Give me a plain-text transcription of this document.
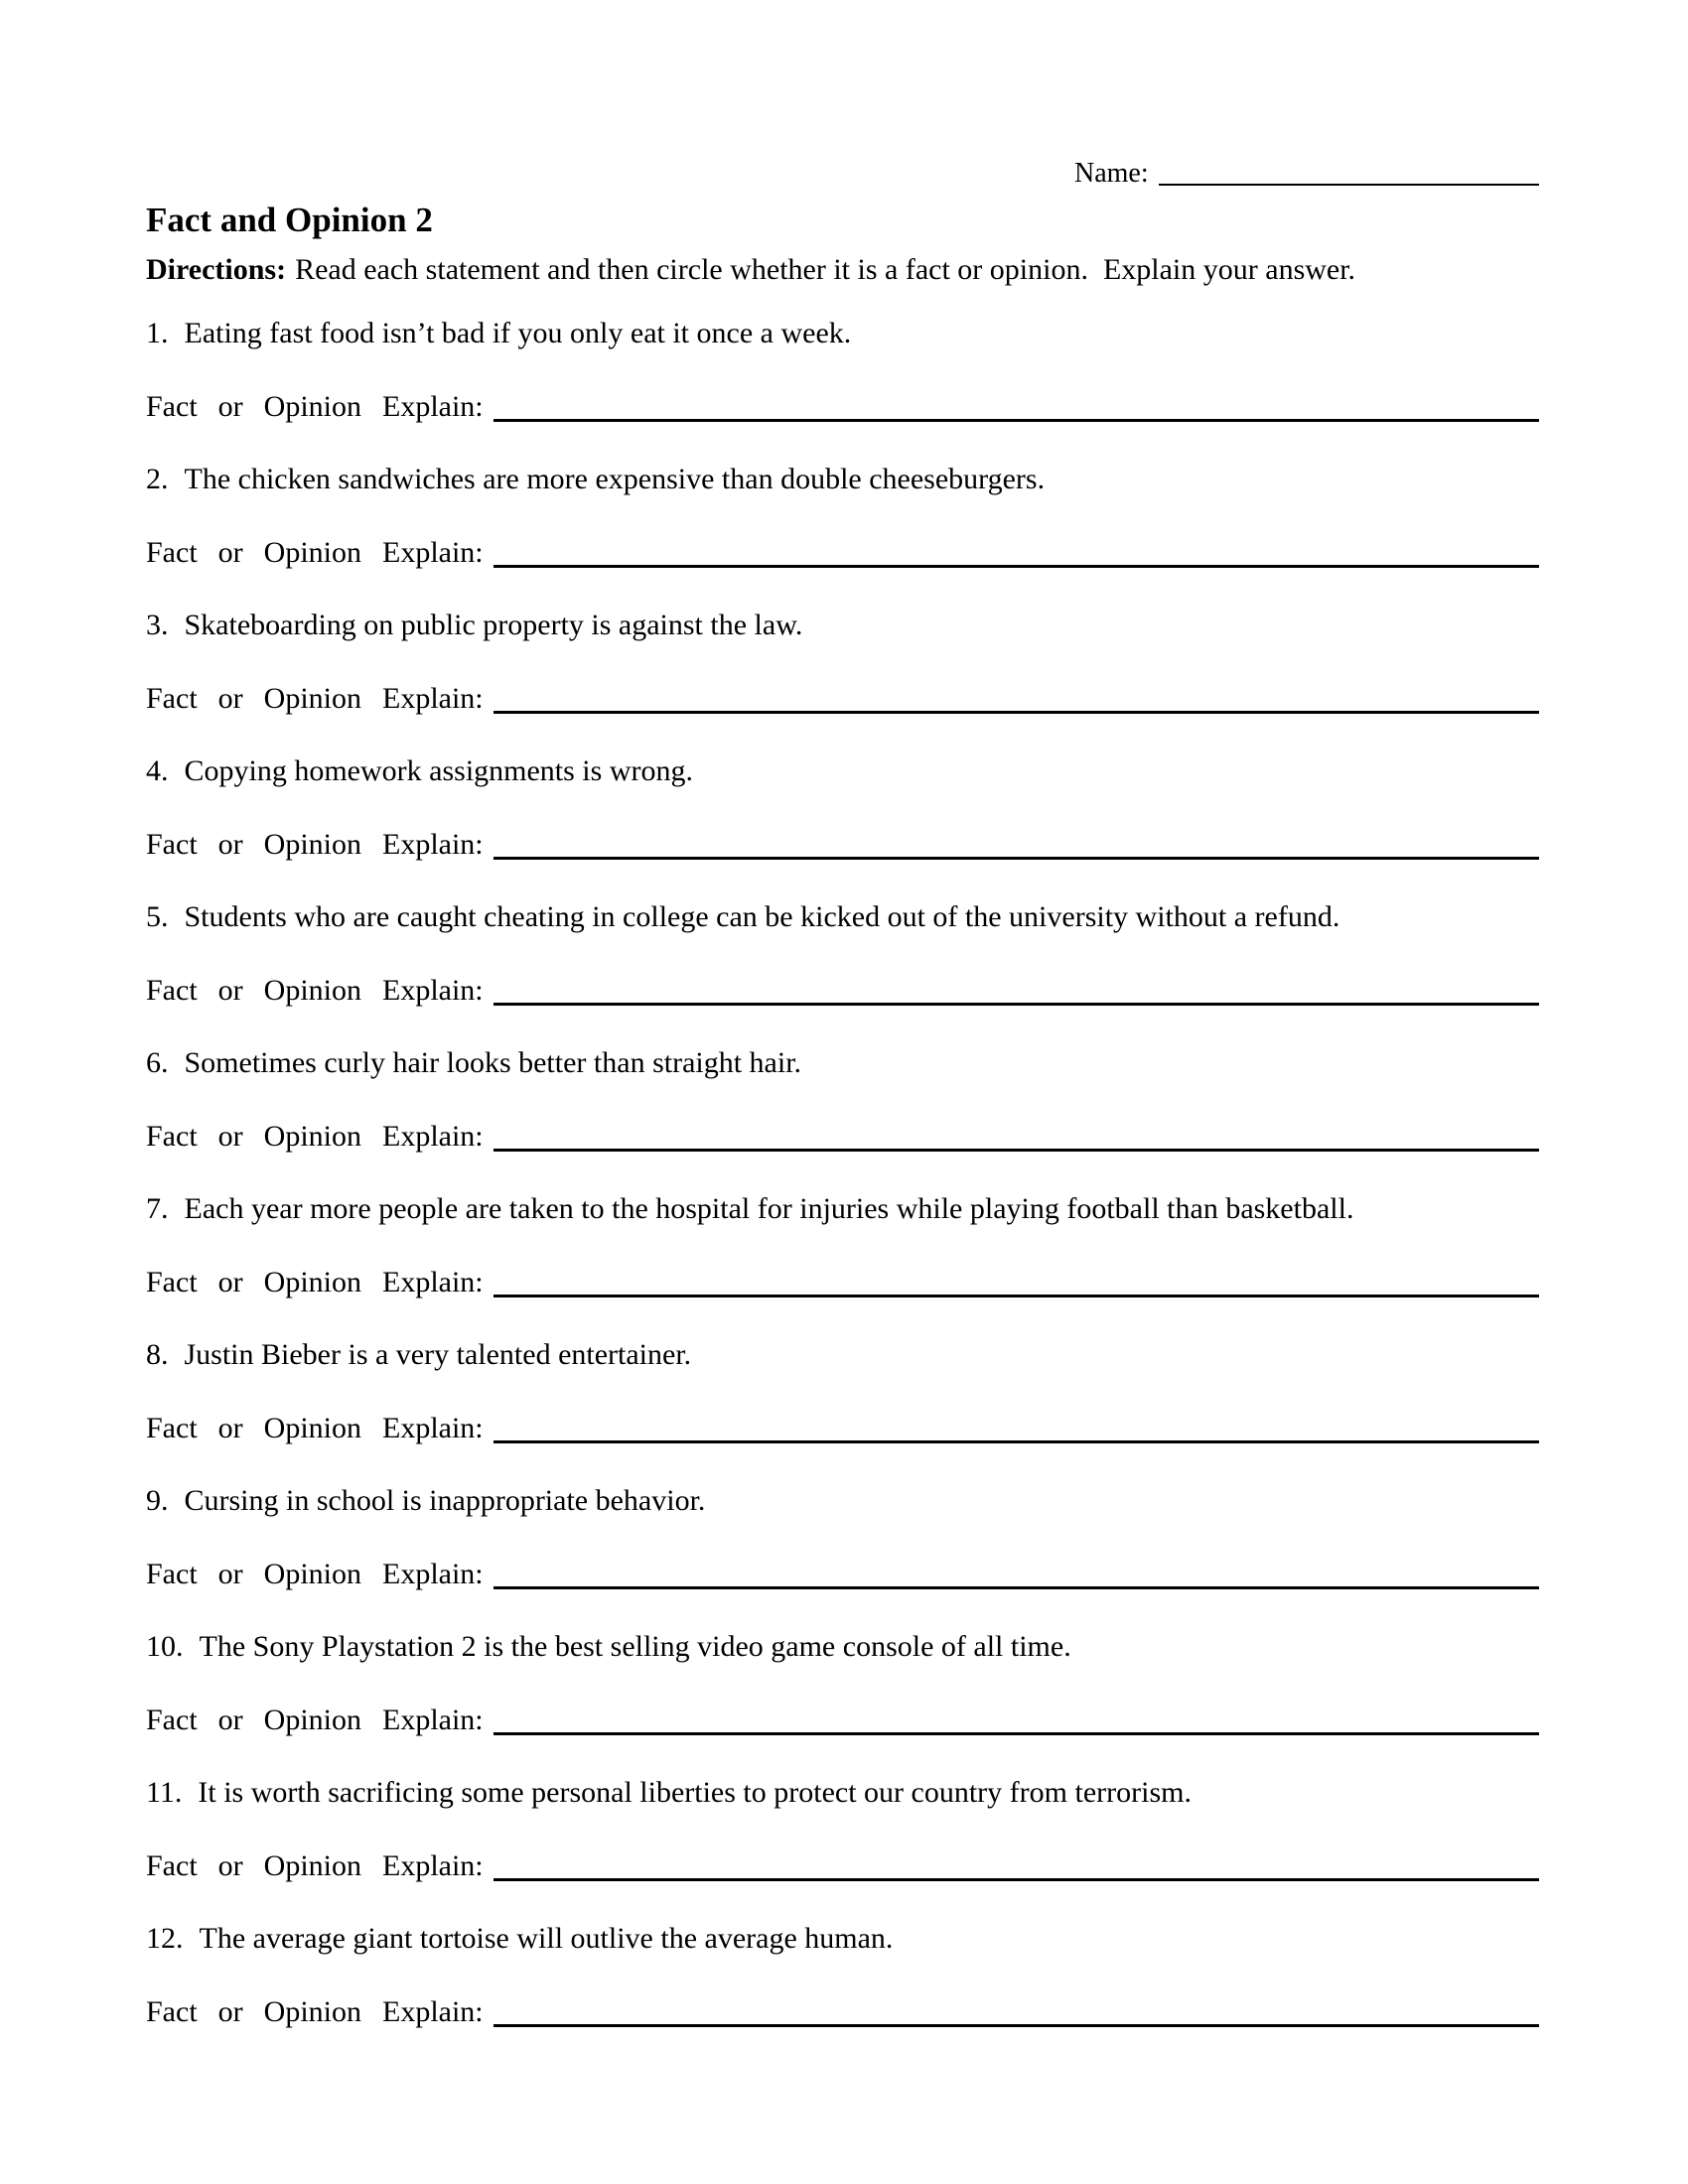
Name:
Fact and Opinion 2

Directions: Read each statement and then circle whether it is a fact or opinion.  Explain your answer.

1. Eating fast food isn’t bad if you only eat it once a week.

Fact or Opinion Explain:

2. The chicken sandwiches are more expensive than double cheeseburgers.

Fact or Opinion Explain:

3. Skateboarding on public property is against the law.

Fact or Opinion Explain:

4. Copying homework assignments is wrong.

Fact or Opinion Explain:

5. Students who are caught cheating in college can be kicked out of the university without a refund.

Fact or Opinion Explain:

6. Sometimes curly hair looks better than straight hair.

Fact or Opinion Explain:

7. Each year more people are taken to the hospital for injuries while playing football than basketball.

Fact or Opinion Explain:

8. Justin Bieber is a very talented entertainer.

Fact or Opinion Explain:

9. Cursing in school is inappropriate behavior.

Fact or Opinion Explain:

10. The Sony Playstation 2 is the best selling video game console of all time.

Fact or Opinion Explain:

11. It is worth sacrificing some personal liberties to protect our country from terrorism.

Fact or Opinion Explain:

12. The average giant tortoise will outlive the average human.

Fact or Opinion Explain:
